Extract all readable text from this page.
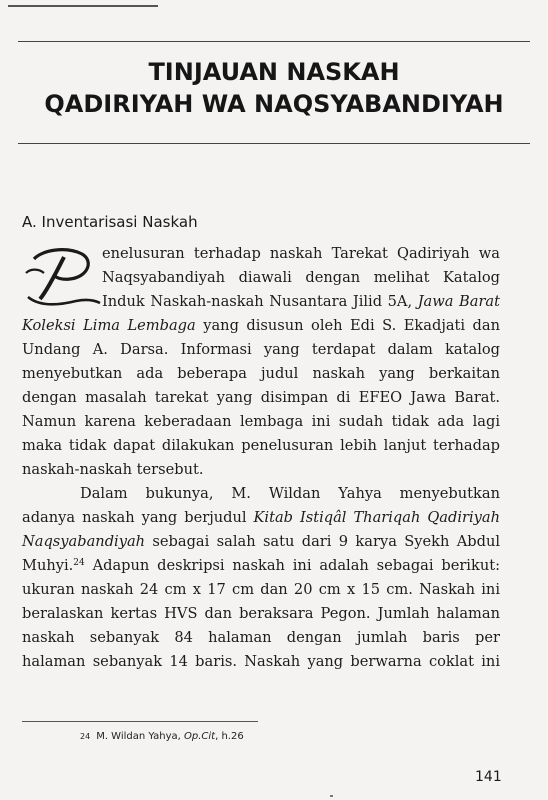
TINJAUAN NASKAH
QADIRIYAH WA NAQSYABANDIYAH
A. Inventarisasi Naskah
enelusuran terhadap naskah Tarekat Qadiriyah wa
Naqsyabandiyah diawali dengan melihat Katalog
Induk Naskah-naskah Nusantara Jilid 5A, Jawa Barat
Koleksi Lima Lembaga yang disusun oleh Edi S. Ekadjati dan
Undang A. Darsa. Informasi yang terdapat dalam katalog
menyebutkan ada beberapa judul naskah yang berkaitan
dengan masalah tarekat yang disimpan di EFEO Jawa Barat.
Namun karena keberadaan lembaga ini sudah tidak ada lagi
maka tidak dapat dilakukan penelusuran lebih lanjut terhadap
naskah-naskah tersebut.
Dalam bukunya, M. Wildan Yahya menyebutkan
adanya naskah yang berjudul Kitab Istiqâl Thariqah Qadiriyah
Naqsyabandiyah sebagai salah satu dari 9 karya Syekh Abdul
Muhyi.$^{24}$ Adapun deskripsi naskah ini adalah sebagai berikut:
ukuran naskah 24 cm x 17 cm dan 20 cm x 15 cm. Naskah ini
beralaskan kertas HVS dan beraksara Pegon. Jumlah halaman
naskah sebanyak 84 halaman dengan jumlah baris per
halaman sebanyak 14 baris. Naskah yang berwarna coklat ini
24 M. Wildan Yahya, Op.Cit, h.26
141
